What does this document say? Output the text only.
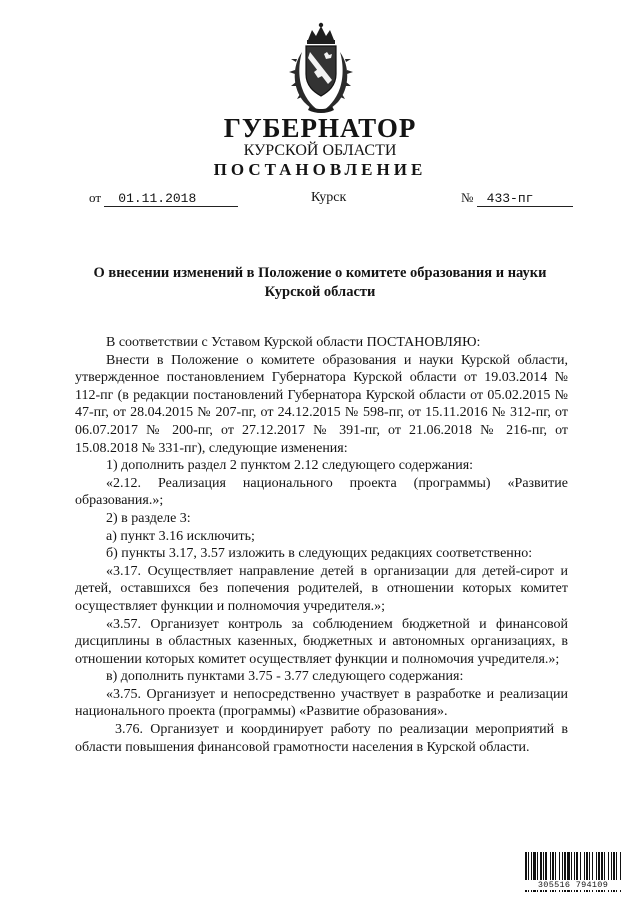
ГУБЕРНАТОР
КУРСКОЙ ОБЛАСТИ
ПОСТАНОВЛЕНИЕ
от 01.11.2018	Курск	№ 433-пг
О внесении изменений в Положение о комитете образования и науки
Курской области

В соответствии с Уставом Курской области ПОСТАНОВЛЯЮ:

Внести в Положение о комитете образования и науки Курской области, утвержденное постановлением Губернатора Курской области от 19.03.2014 № 112-пг (в редакции постановлений Губернатора Курской области от 05.02.2015 № 47-пг, от 28.04.2015 № 207-пг, от 24.12.2015 № 598-пг, от 15.11.2016 № 312-пг, от 06.07.2017 № 200-пг, от 27.12.2017 № 391-пг, от 21.06.2018 № 216-пг, от 15.08.2018 № 331-пг), следующие изменения:

1) дополнить раздел 2 пунктом 2.12 следующего содержания:

«2.12. Реализация национального проекта (программы) «Развитие образования.»;

2) в разделе 3:

а) пункт 3.16 исключить;

б) пункты 3.17, 3.57 изложить в следующих редакциях соответственно:

«3.17. Осуществляет направление детей в организации для детей-сирот и детей, оставшихся без попечения родителей, в отношении которых комитет осуществляет функции и полномочия учредителя.»;

«3.57. Организует контроль за соблюдением бюджетной и финансовой дисциплины в областных казенных, бюджетных и автономных организациях, в отношении которых комитет осуществляет функции и полномочия учредителя.»;

в) дополнить пунктами 3.75 - 3.77 следующего содержания:

«3.75. Организует и непосредственно участвует в разработке и реализации национального проекта (программы) «Развитие образования».

3.76. Организует и координирует работу по реализации мероприятий в области повышения финансовой грамотности населения в Курской области.

305516 794109
